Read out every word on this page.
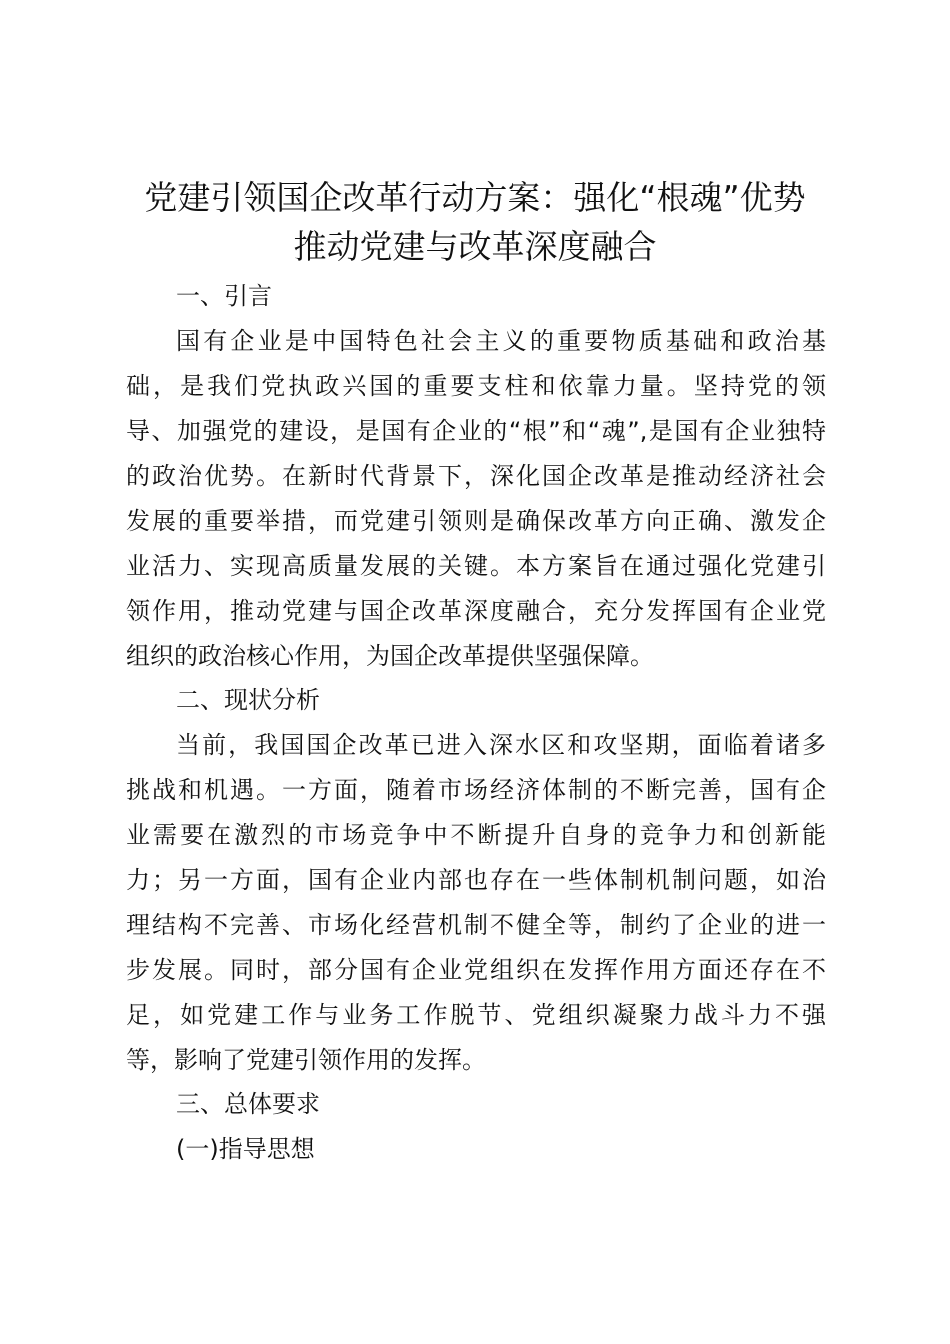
党建引领国企改革行动方案：强化“根魂”优势
推动党建与改革深度融合
一、引言
国有企业是中国特色社会主义的重要物质基础和政治基
础，是我们党执政兴国的重要支柱和依靠力量。坚持党的领
导、加强党的建设，是国有企业的“根”和“魂”,是国有企业独特
的政治优势。在新时代背景下，深化国企改革是推动经济社会
发展的重要举措，而党建引领则是确保改革方向正确、激发企
业活力、实现高质量发展的关键。本方案旨在通过强化党建引
领作用，推动党建与国企改革深度融合，充分发挥国有企业党
组织的政治核心作用，为国企改革提供坚强保障。
二、现状分析
当前，我国国企改革已进入深水区和攻坚期，面临着诸多
挑战和机遇。一方面，随着市场经济体制的不断完善，国有企
业需要在激烈的市场竞争中不断提升自身的竞争力和创新能
力；另一方面，国有企业内部也存在一些体制机制问题，如治
理结构不完善、市场化经营机制不健全等，制约了企业的进一
步发展。同时，部分国有企业党组织在发挥作用方面还存在不
足，如党建工作与业务工作脱节、党组织凝聚力战斗力不强
等，影响了党建引领作用的发挥。
三、总体要求
(一)指导思想
